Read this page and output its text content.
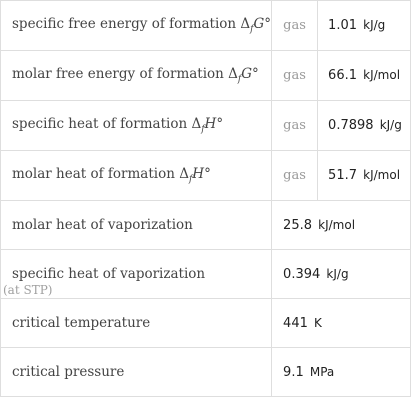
specific free energy of formation $\Delta_fG^\circ$	gas	1.01 kJ/g
molar free energy of formation $\Delta_fG^\circ$	gas	66.1 kJ/mol
specific heat of formation $\Delta_fH^\circ$	gas	0.7898 kJ/g
molar heat of formation $\Delta_fH^\circ$	gas	51.7 kJ/mol
molar heat of vaporization	25.8 kJ/mol	
specific heat of vaporization	0.394 kJ/g	
critical temperature	441 K	
critical pressure	9.1 MPa	
(at STP)
